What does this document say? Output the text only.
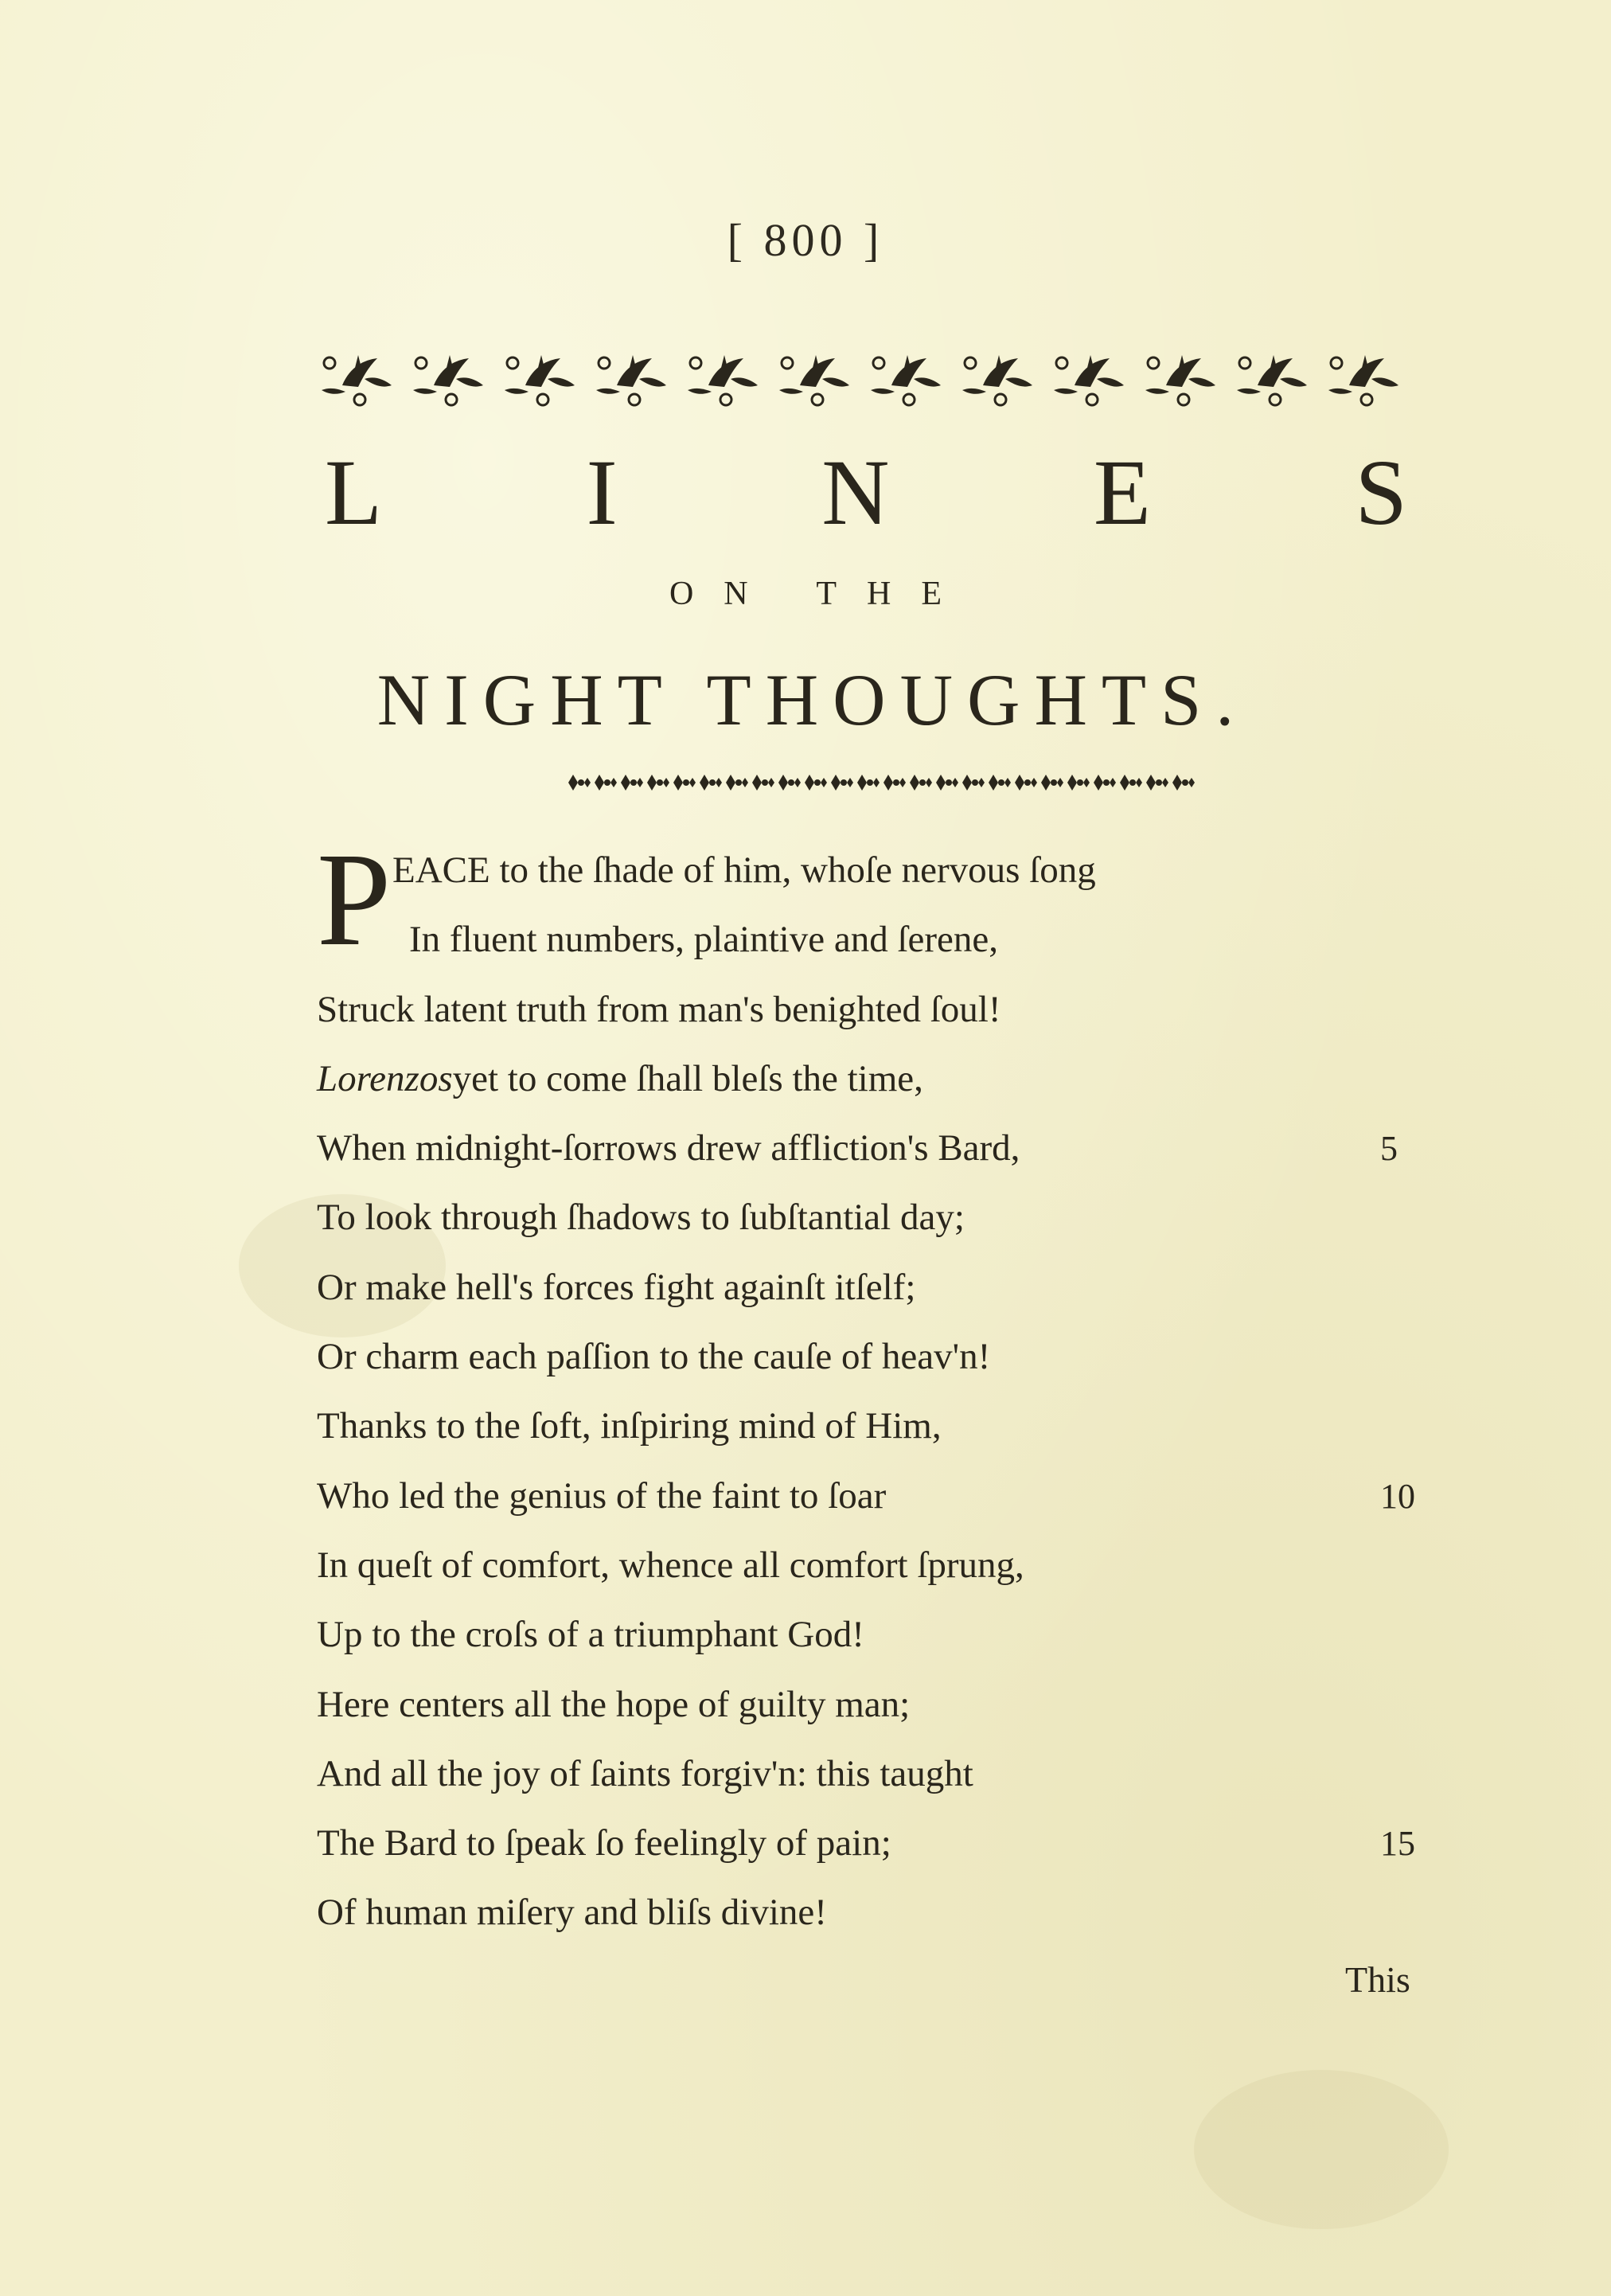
[ 800 ]
L I N E S
ON THE
NIGHT THOUGHTS.
P EACE to the ſhade of him, whoſe nervous ſong
In fluent numbers, plaintive and ſerene,
Struck latent truth from man's benighted ſoul!
Lorenzosyet to come ſhall bleſs the time,
When midnight-ſorrows drew affliction's Bard,	5
To look through ſhadows to ſubſtantial day;
Or make hell's forces fight againſt itſelf;
Or charm each paſſion to the cauſe of heav'n!
Thanks to the ſoft, inſpiring mind of Him,
Who led the genius of the faint to ſoar	10
In queſt of comfort, whence all comfort ſprung,
Up to the croſs of a triumphant God!
Here centers all the hope of guilty man;
And all the joy of ſaints forgiv'n: this taught
The Bard to ſpeak ſo feelingly of pain;	15
Of human miſery and bliſs divine!
This
